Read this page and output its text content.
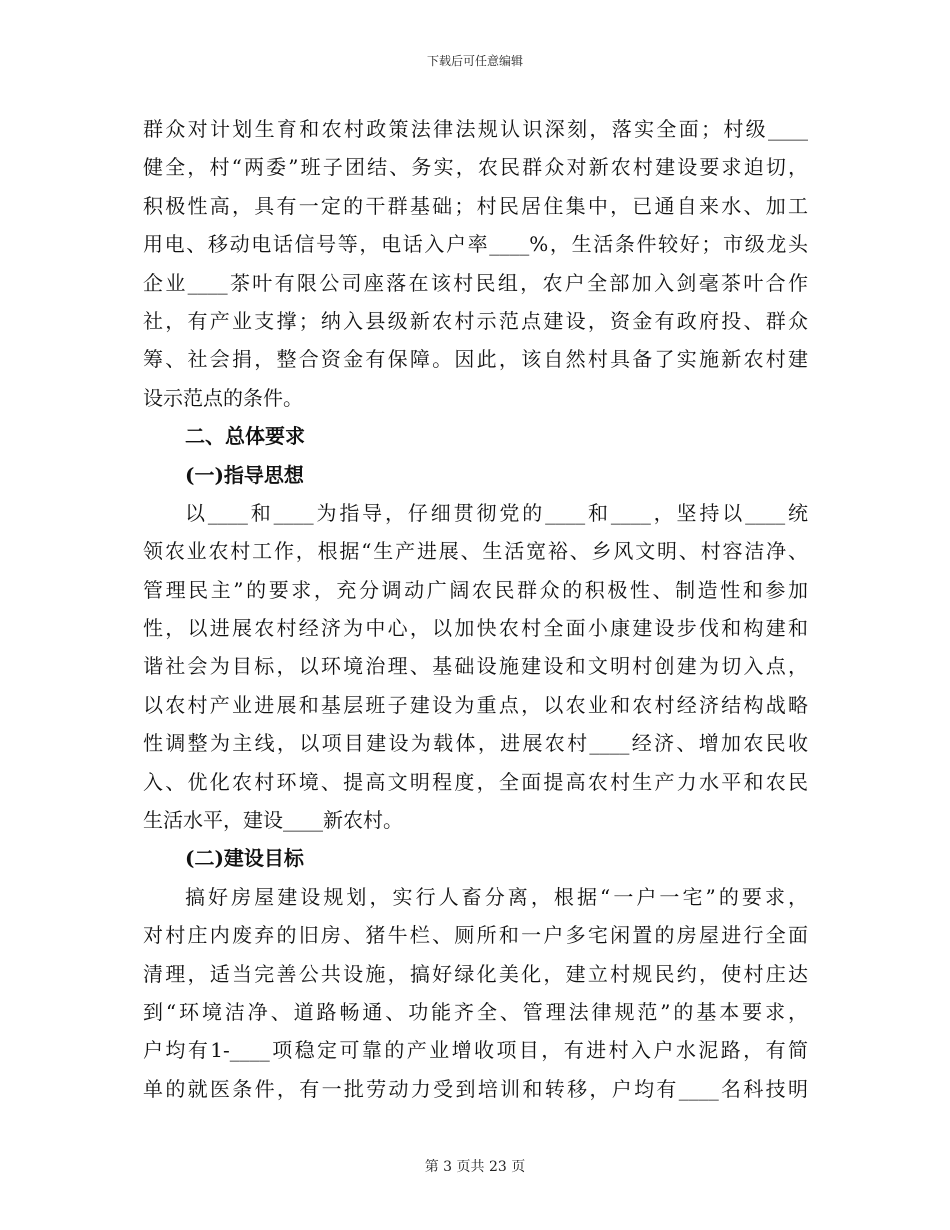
下载后可任意编辑
群众对计划生育和农村政策法律法规认识深刻，落实全面；村级____
健全，村“两委”班子团结、务实，农民群众对新农村建设要求迫切，
积极性高，具有一定的干群基础；村民居住集中，已通自来水、加工
用电、移动电话信号等，电话入户率____%，生活条件较好；市级龙头
企业____茶叶有限公司座落在该村民组，农户全部加入剑毫茶叶合作
社，有产业支撑；纳入县级新农村示范点建设，资金有政府投、群众
筹、社会捐，整合资金有保障。因此，该自然村具备了实施新农村建
设示范点的条件。
二、总体要求
(一)指导思想
以____和____为指导，仔细贯彻党的____和____，坚持以____统
领农业农村工作，根据“生产进展、生活宽裕、乡风文明、村容洁净、
管理民主”的要求，充分调动广阔农民群众的积极性、制造性和参加
性，以进展农村经济为中心，以加快农村全面小康建设步伐和构建和
谐社会为目标，以环境治理、基础设施建设和文明村创建为切入点，
以农村产业进展和基层班子建设为重点，以农业和农村经济结构战略
性调整为主线，以项目建设为载体，进展农村____经济、增加农民收
入、优化农村环境、提高文明程度，全面提高农村生产力水平和农民
生活水平，建设____新农村。
(二)建设目标
搞好房屋建设规划，实行人畜分离，根据“一户一宅”的要求，
对村庄内废弃的旧房、猪牛栏、厕所和一户多宅闲置的房屋进行全面
清理，适当完善公共设施，搞好绿化美化，建立村规民约，使村庄达
到“环境洁净、道路畅通、功能齐全、管理法律规范”的基本要求，
户均有1-____项稳定可靠的产业增收项目，有进村入户水泥路，有简
单的就医条件，有一批劳动力受到培训和转移，户均有____名科技明
第 3 页共 23 页
